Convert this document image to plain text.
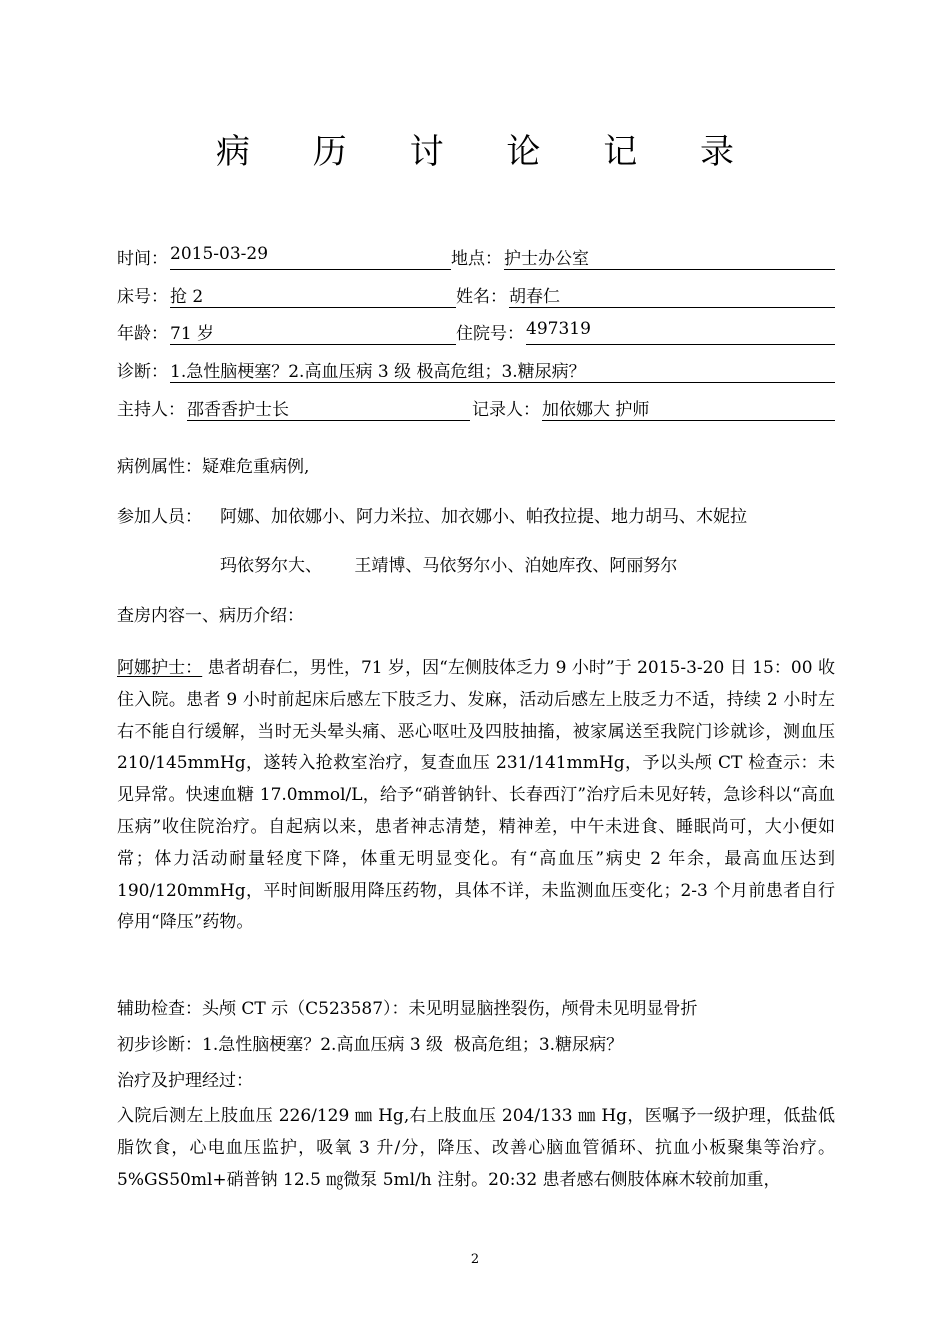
病 历 讨 论 记 录
时间： 2015-03-29	地点： 护士办公室
床号： 抢 2	姓名： 胡春仁
年龄： 71 岁	住院号： 497319
诊断： 1.急性脑梗塞？2.高血压病 3 级 极高危组；3.糖尿病？
主持人： 邵香香护士长	记录人： 加依娜大 护师
病例属性：疑难危重病例,
参加人员： 阿娜、加依娜小、阿力米拉、加衣娜小、帕孜拉提、地力胡马、木妮拉
玛依努尔大、      王靖博、马依努尔小、泊她库孜、阿丽努尔
查房内容一、病历介绍：
阿娜护士： 患者胡春仁，男性，71 岁，因“左侧肢体乏力 9 小时”于 2015-3-20 日 15：00 收住入院。患者 9 小时前起床后感左下肢乏力、发麻，活动后感左上肢乏力不适，持续 2 小时左右不能自行缓解，当时无头晕头痛、恶心呕吐及四肢抽搐，被家属送至我院门诊就诊，测血压 210/145mmHg，遂转入抢救室治疗，复查血压 231/141mmHg，予以头颅 CT 检查示：未见异常。快速血糖 17.0mmol/L，给予“硝普钠针、长春西汀”治疗后未见好转，急诊科以“高血压病”收住院治疗。自起病以来，患者神志清楚，精神差，中午未进食、睡眠尚可，大小便如常；体力活动耐量轻度下降，体重无明显变化。有“高血压”病史 2 年余，最高血压达到 190/120mmHg，平时间断服用降压药物，具体不详，未监测血压变化；2-3 个月前患者自行停用“降压”药物。
辅助检查：头颅 CT 示（C523587）：未见明显脑挫裂伤，颅骨未见明显骨折
初步诊断：1.急性脑梗塞？2.高血压病 3 级  极高危组；3.糖尿病？
治疗及护理经过：
入院后测左上肢血压 226/129 ㎜ Hg,右上肢血压 204/133 ㎜ Hg，医嘱予一级护理，低盐低脂饮食，心电血压监护，吸氧 3 升/分，降压、改善心脑血管循环、抗血小板聚集等治疗。5%GS50ml+硝普钠 12.5 ㎎微泵 5ml/h 注射。20:32 患者感右侧肢体麻木较前加重，
2
